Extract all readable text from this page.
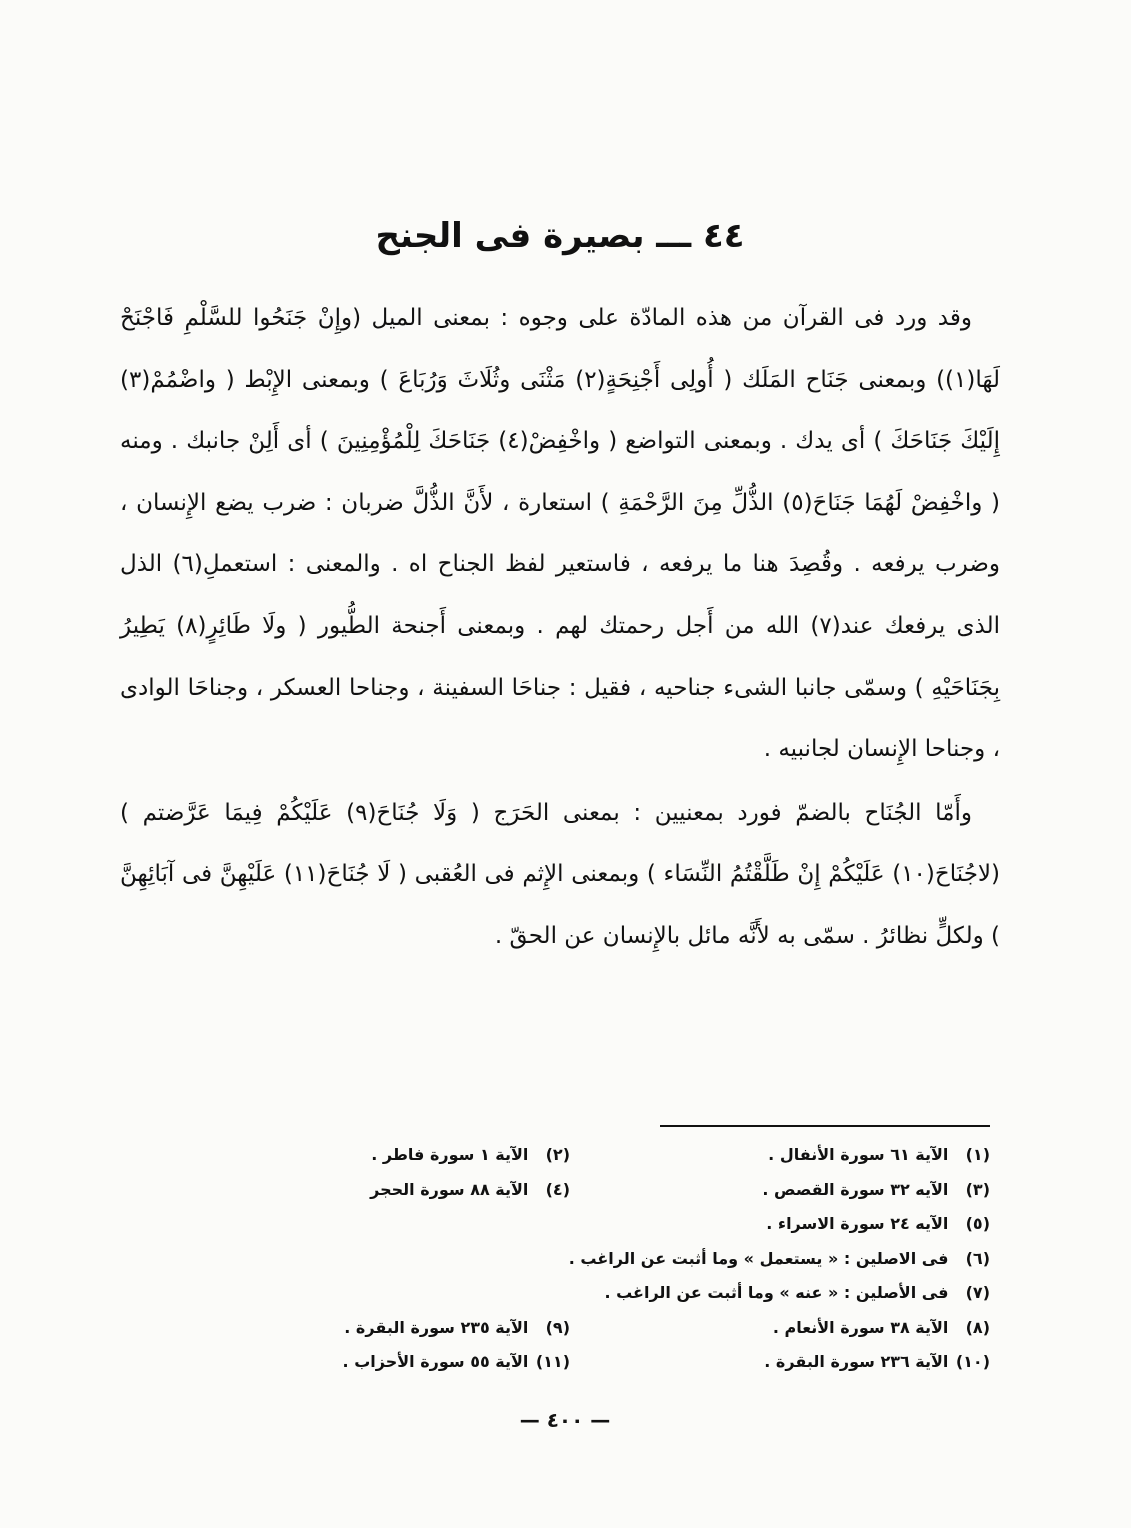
٤٤ ـــ بصيرة فى الجنح

وقد ورد فى القرآن من هذه المادّة على وجوه : بمعنى الميل (وإِنْ جَنَحُوا للسَّلْمِ فَاجْنَحْ لَهَا(١)) وبمعنى جَنَاح المَلَك ( أُولِى أَجْنِحَةٍ(٢) مَثْنَى وثُلَاثَ وَرُبَاعَ ) وبمعنى الإِبْط ( واضْمُمْ(٣) إِلَيْكَ جَنَاحَكَ ) أى يدك . وبمعنى التواضع ( واخْفِضْ(٤) جَنَاحَكَ لِلْمُؤْمِنِينَ ) أى أَلِنْ جانبك . ومنه ( واخْفِضْ لَهُمَا جَنَاحَ(٥) الذُّلِّ مِنَ الرَّحْمَةِ ) استعارة ، لأَنَّ الذُّلَّ ضربان : ضرب يضع الإِنسان ، وضرب يرفعه . وقُصِدَ هنا ما يرفعه ، فاستعير لفظ الجناح اه . والمعنى : استعملِ(٦) الذل الذى يرفعك عند(٧) الله من أَجل رحمتك لهم . وبمعنى أَجنحة الطُّيور ( ولَا طَائِرٍ(٨) يَطِيرُ بِجَنَاحَيْهِ ) وسمّى جانبا الشىء جناحيه ، فقيل : جناحَا السفينة ، وجناحا العسكر ، وجناحَا الوادى ، وجناحا الإِنسان لجانبيه .

وأَمّا الجُنَاح بالضمّ فورد بمعنيين : بمعنى الحَرَج ( وَلَا جُنَاحَ(٩) عَلَيْكُمْ فِيمَا عَرَّضتم ) (لاجُنَاحَ(١٠) عَلَيْكُمْ إِنْ طَلَّقْتُمُ النِّسَاء ) وبمعنى الإِثم فى العُقبى ( لَا جُنَاحَ(١١) عَلَيْهِنَّ فى آبَائِهِنَّ ) ولكلٍّ نظائرُ . سمّى به لأَنَّه مائل بالإِنسان عن الحقّ .

(١) الآية ٦١ سورة الأنفال .
(٢) الآية ١ سورة فاطر .
(٣) الآيه ٣٢ سورة القصص .
(٤) الآية ٨٨ سورة الحجر
(٥) الآيه ٢٤ سورة الاسراء .
(٦) فى الاصلين : « يستعمل » وما أثبت عن الراغب .
(٧) فى الأصلين : « عنه » وما أثبت عن الراغب .
(٨) الآية ٣٨ سورة الأنعام .
(٩) الآية ٢٣٥ سورة البقرة .
(١٠) الآية ٢٣٦ سورة البقرة .
(١١) الآية ٥٥ سورة الأحزاب .
— ٤٠٠ —
